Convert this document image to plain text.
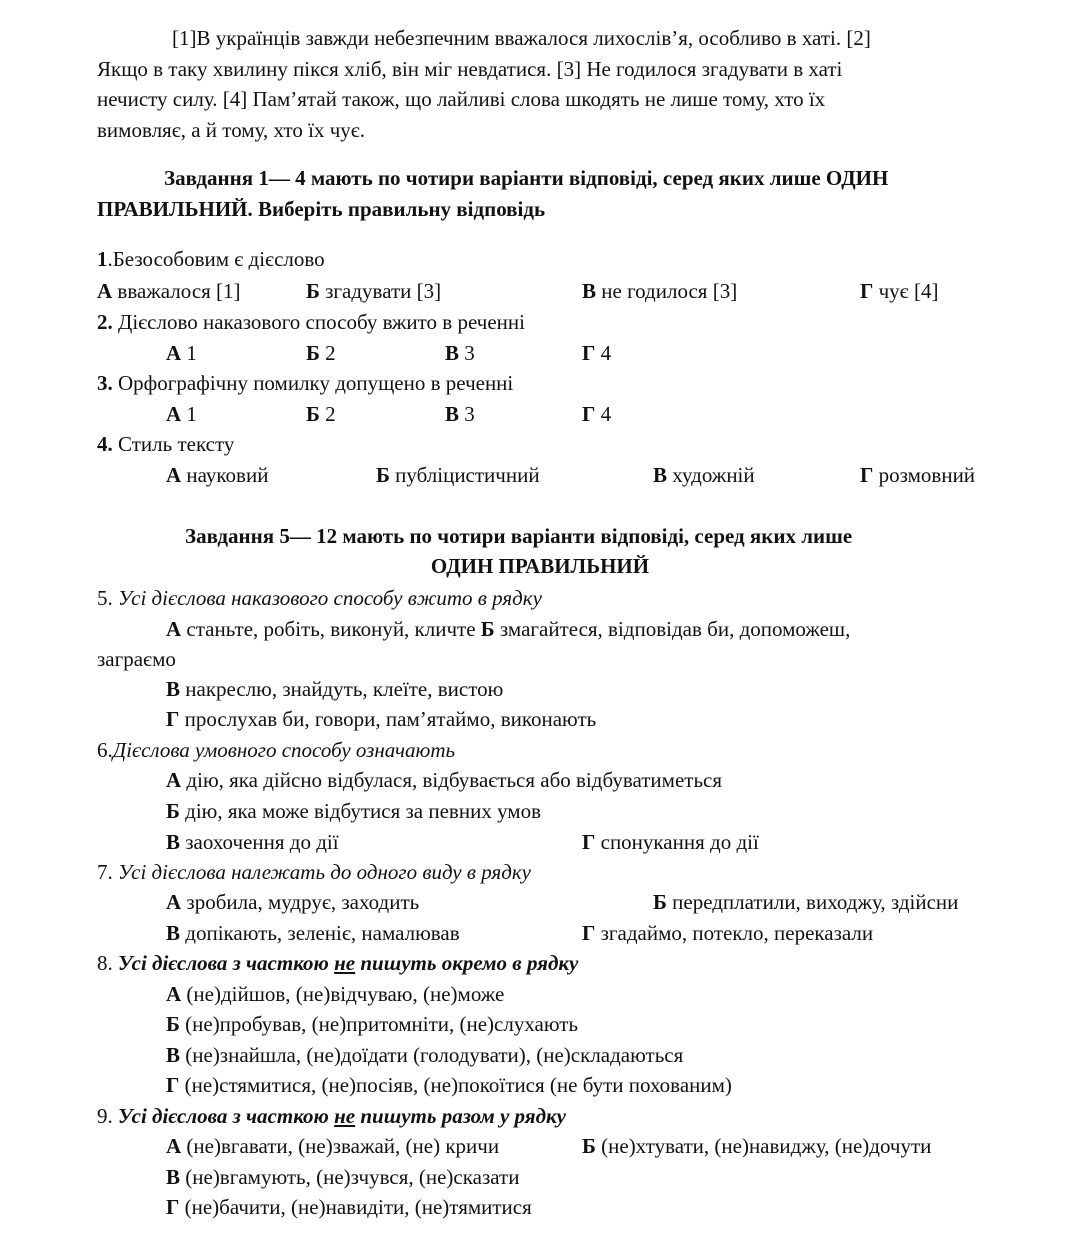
[1]В українців завжди небезпечним вважалося лихослів’я, особливо в хаті. [2]
Якщо в таку хвилину пікся хліб, він міг невдатися. [3] Не годилося згадувати в хаті
нечисту силу. [4] Пам’ятай також, що лайливі слова шкодять не лише тому, хто їх
вимовляє, а й тому, хто їх чує.
Завдання 1— 4 мають по чотири варіанти відповіді, серед яких лише ОДИН
ПРАВИЛЬНИЙ. Виберіть правильну відповідь
1.Безособовим є дієслово
А вважалося [1]	Б згадувати [3]	В не годилося [3]	Г чує [4]
2. Дієслово наказового способу вжито в реченні
А 1	Б 2	В 3	Г 4
3. Орфографічну помилку допущено в реченні
А 1	Б 2	В 3	Г 4
4. Стиль тексту
А науковий	Б публіцистичний	В художній	Г розмовний
Завдання 5— 12 мають по чотири варіанти відповіді, серед яких лише
ОДИН ПРАВИЛЬНИЙ
5. Усі дієслова наказового способу вжито в рядку
А станьте, робіть, виконуй, кличте Б змагайтеся, відповідав би, допоможеш,
заграємо
В накреслю, знайдуть, клеїте, вистою
Г прослухав би, говори, пам’ятаймо, виконають
6.Дієслова умовного способу означають
А дію, яка дійсно відбулася, відбувається або відбуватиметься
Б дію, яка може відбутися за певних умов
В заохочення до дії	Г спонукання до дії
7. Усі дієслова належать до одного виду в рядку
А зробила, мудрує, заходить	Б передплатили, виходжу, здійсни
В допікають, зеленіє, намалював	Г згадаймо, потекло, переказали
8. Усі дієслова з часткою не пишуть окремо в рядку
А (не)дійшов, (не)відчуваю, (не)може
Б (не)пробував, (не)притомніти, (не)слухають
В (не)знайшла, (не)доїдати (голодувати), (не)складаються
Г (не)стямитися, (не)посіяв, (не)покоїтися (не бути похованим)
9. Усі дієслова з часткою не пишуть разом у рядку
А (не)вгавати, (не)зважай, (не) кричи	Б (не)хтувати, (не)навиджу, (не)дочути
В (не)вгамують, (не)зчувся, (не)сказати
Г (не)бачити, (не)навидіти, (не)тямитися
